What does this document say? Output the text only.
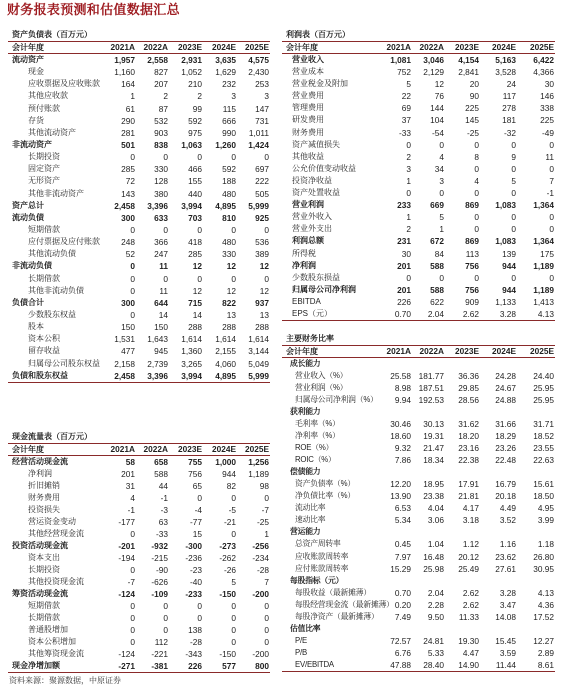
财务报表预测和估值数据汇总
资产负债表（百万元）
会计年度	2021A	2022A	2023E	2024E	2025E
流动资产	1,957	2,558	2,931	3,635	4,575
现金	1,160	827	1,052	1,629	2,430
应收票据及应收账款	164	207	210	232	253
其他应收款	1	2	2	3	3
预付账款	61	87	99	115	147
存货	290	532	592	666	731
其他流动资产	281	903	975	990	1,011
非流动资产	501	838	1,063	1,260	1,424
长期投资	0	0	0	0	0
固定资产	285	330	466	592	697
无形资产	72	128	155	188	222
其他非流动资产	143	380	440	480	505
资产总计	2,458	3,396	3,994	4,895	5,999
流动负债	300	633	703	810	925
短期借款	0	0	0	0	0
应付票据及应付账款	248	366	418	480	536
其他流动负债	52	247	285	330	389
非流动负债	0	11	12	12	12
长期借款	0	0	0	0	0
其他非流动负债	0	11	12	12	12
负债合计	300	644	715	822	937
少数股东权益	0	14	14	13	13
股本	150	150	288	288	288
资本公积	1,531	1,643	1,614	1,614	1,614
留存收益	477	945	1,360	2,155	3,144
归属母公司股东权益	2,158	2,739	3,265	4,060	5,049
负债和股东权益	2,458	3,396	3,994	4,895	5,999
利润表（百万元）
会计年度	2021A	2022A	2023E	2024E	2025E
营业收入	1,081	3,046	4,154	5,163	6,422
营业成本	752	2,129	2,841	3,528	4,366
营业税金及附加	5	12	20	24	30
营业费用	22	76	90	117	146
管理费用	69	144	225	278	338
研发费用	37	104	145	181	225
财务费用	-33	-54	-25	-32	-49
资产减值损失	0	0	0	0	0
其他收益	2	4	8	9	11
公允价值变动收益	3	34	0	0	0
投资净收益	1	3	4	5	7
资产处置收益	0	0	0	0	-1
营业利润	233	669	869	1,083	1,364
营业外收入	1	5	0	0	0
营业外支出	2	1	0	0	0
利润总额	231	672	869	1,083	1,364
所得税	30	84	113	139	175
净利润	201	588	756	944	1,189
少数股东损益	0	0	0	0	0
归属母公司净利润	201	588	756	944	1,189
EBITDA	226	622	909	1,133	1,413
EPS（元）	0.70	2.04	2.62	3.28	4.13
主要财务比率
会计年度	2021A	2022A	2023E	2024E	2025E
成长能力
营业收入（%）	25.58 181.77	36.36	24.28	24.40
营业利润（%）	8.98 187.51	29.85	24.67	25.95
归属母公司净利润（%）	9.94 192.53	28.56	24.88	25.95
获利能力
毛利率（%）	30.46	30.13	31.62	31.66	31.71
净利率（%）	18.60	19.31	18.20	18.29	18.52
ROE（%）	9.32	21.47	23.16	23.26	23.55
ROIC（%）	7.86	18.34	22.38	22.48	22.63
偿债能力
资产负债率（%）	12.20	18.95	17.91	16.79	15.61
净负债比率（%）	13.90	23.38	21.81	20.18	18.50
流动比率	6.53	4.04	4.17	4.49	4.95
速动比率	5.34	3.06	3.18	3.52	3.99
营运能力
总资产周转率	0.45	1.04	1.12	1.16	1.18
应收账款周转率	7.97	16.48	20.12	23.62	26.80
应付账款周转率	15.29	25.98	25.49	27.61	30.95
每股指标（元）
每股收益（最新摊薄）	0.70	2.04	2.62	3.28	4.13
每股经营现金流（最新摊薄） 0.20	2.28	2.62	3.47	4.36
每股净资产（最新摊薄）	7.49	9.50	11.33	14.08	17.52
估值比率
P/E	72.57	24.81	19.30	15.45	12.27
P/B	6.76	5.33	4.47	3.59	2.89
EV/EBITDA	47.88	28.40	14.90	11.44	8.61
现金流量表（百万元）
会计年度	2021A	2022A	2023E	2024E	2025E
经营活动现金流	58	658	755	1,000	1,256
净利润	201	588	756	944	1,189
折旧摊销	31	44	65	82	98
财务费用	4	-1	0	0	0
投资损失	-1	-3	-4	-5	-7
营运资金变动	-177	63	-77	-21	-25
其他经营现金流	0	-33	15	0	1
投资活动现金流	-201	-932	-300	-273	-256
资本支出	-194	-215	-236	-262	-234
长期投资	0	-90	-23	-26	-28
其他投资现金流	-7	-626	-40	5	7
筹资活动现金流	-124	-109	-233	-150	-200
短期借款	0	0	0	0	0
长期借款	0	0	0	0	0
普通股增加	0	0	138	0	0
资本公积增加	0	112	-28	0	0
其他筹资现金流	-124	-221	-343	-150	-200
现金净增加额	-271	-381	226	577	800
资料来源：聚源数据，中原证券
